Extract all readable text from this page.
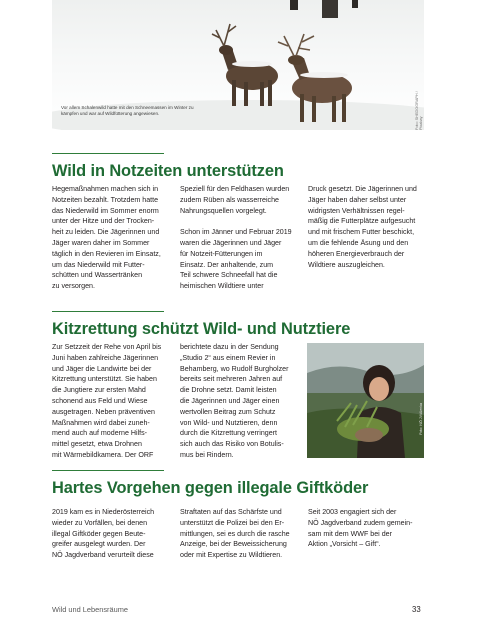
Vor allem Schalenwild hatte mit den Schneemassen im Winter zu kämpfen und war auf Wildfütterung angewiesen.	Foto: SHEDOGRAPH / Pixabay
Wild in Notzeiten unterstützen

Hegemaßnahmen machen sich in
Notzeiten bezahlt. Trotzdem hatte
das Niederwild im Sommer enorm
unter der Hitze und der Trocken-
heit zu leiden. Die Jägerinnen und
Jäger waren daher im Sommer
täglich in den Revieren im Einsatz,
um das Niederwild mit Futter-
schütten und Wassertränken
zu versorgen.

Speziell für den Feldhasen wurden
zudem Rüben als wasserreiche
Nahrungsquellen vorgelegt.

Schon im Jänner und Februar 2019
waren die Jägerinnen und Jäger
für Notzeit-Fütterungen im
Einsatz. Der anhaltende, zum
Teil schwere Schneefall hat die
heimischen Wildtiere unter

Druck gesetzt. Die Jägerinnen und
Jäger haben daher selbst unter
widrigsten Verhältnissen regel-
mäßig die Futterplätze aufgesucht
und mit frischem Futter beschickt,
um die fehlende Äsung und den
höheren Energieverbrauch der
Wildtiere auszugleichen.

Kitzrettung schützt Wild- und Nutztiere

Zur Setzzeit der Rehe von April bis
Juni haben zahlreiche Jägerinnen
und Jäger die Landwirte bei der
Kitzrettung unterstützt. Sie haben
die Jungtiere zur ersten Mahd
schonend aus Feld und Wiese
ausgetragen. Neben präventiven
Maßnahmen wird dabei zuneh-
mend auch auf moderne Hilfs-
mittel gesetzt, etwa Drohnen
mit Wärmebildkamera. Der ORF

berichtete dazu in der Sendung
„Studio 2“ aus einem Revier in
Behamberg, wo Rudolf Burgholzer
bereits seit mehreren Jahren auf
die Drohne setzt. Damit leisten
die Jägerinnen und Jäger einen
wertvollen Beitrag zum Schutz
von Wild- und Nutztieren, denn
durch die Kitzrettung verringert
sich auch das Risiko von Botulis-
mus bei Rindern.

Foto: NÖ JV/Alenka
Hartes Vorgehen gegen illegale Giftköder

2019 kam es in Niederösterreich
wieder zu Vorfällen, bei denen
illegal Giftköder gegen Beute-
greifer ausgelegt wurden. Der
NÖ Jagdverband verurteilt diese

Straftaten auf das Schärfste und
unterstützt die Polizei bei den Er-
mittlungen, sei es durch die rasche
Anzeige, bei der Beweissicherung
oder mit Expertise zu Wildtieren.

Seit 2003 engagiert sich der
NÖ Jagdverband zudem gemein-
sam mit dem WWF bei der
Aktion „Vorsicht – Gift“.

Wild und Lebensräume	33
